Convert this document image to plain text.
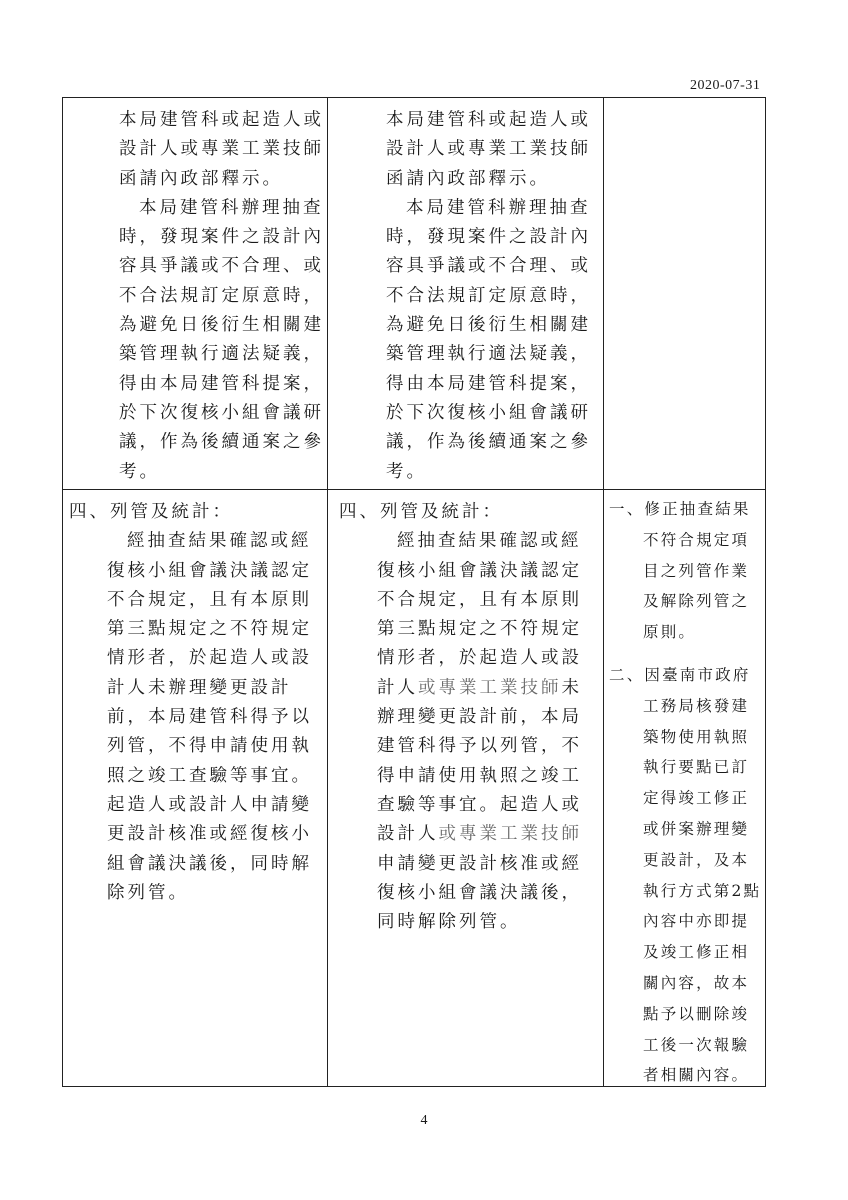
2020-07-31
本局建管科或起造人或
設計人或專業工業技師
函請內政部釋示。
本局建管科辦理抽查
時，發現案件之設計內
容具爭議或不合理、或
不合法規訂定原意時，
為避免日後衍生相關建
築管理執行適法疑義，
得由本局建管科提案，
於下次復核小組會議研
議，作為後續通案之參
考。
本局建管科或起造人或
設計人或專業工業技師
函請內政部釋示。
本局建管科辦理抽查
時，發現案件之設計內
容具爭議或不合理、或
不合法規訂定原意時，
為避免日後衍生相關建
築管理執行適法疑義，
得由本局建管科提案，
於下次復核小組會議研
議，作為後續通案之參
考。
四、列管及統計：
經抽查結果確認或經
復核小組會議決議認定
不合規定，且有本原則
第三點規定之不符規定
情形者，於起造人或設
計人未辦理變更設計
前，本局建管科得予以
列管，不得申請使用執
照之竣工查驗等事宜。
起造人或設計人申請變
更設計核准或經復核小
組會議決議後，同時解
除列管。
四、列管及統計：
經抽查結果確認或經
復核小組會議決議認定
不合規定，且有本原則
第三點規定之不符規定
情形者，於起造人或設
計人或專業工業技師未
辦理變更設計前，本局
建管科得予以列管，不
得申請使用執照之竣工
查驗等事宜。起造人或
設計人或專業工業技師
申請變更設計核准或經
復核小組會議決議後，
同時解除列管。
一、修正抽查結果
不符合規定項
目之列管作業
及解除列管之
原則。
二、因臺南市政府
工務局核發建
築物使用執照
執行要點已訂
定得竣工修正
或併案辦理變
更設計，及本
執行方式第2點
內容中亦即提
及竣工修正相
關內容，故本
點予以刪除竣
工後一次報驗
者相關內容。
4
